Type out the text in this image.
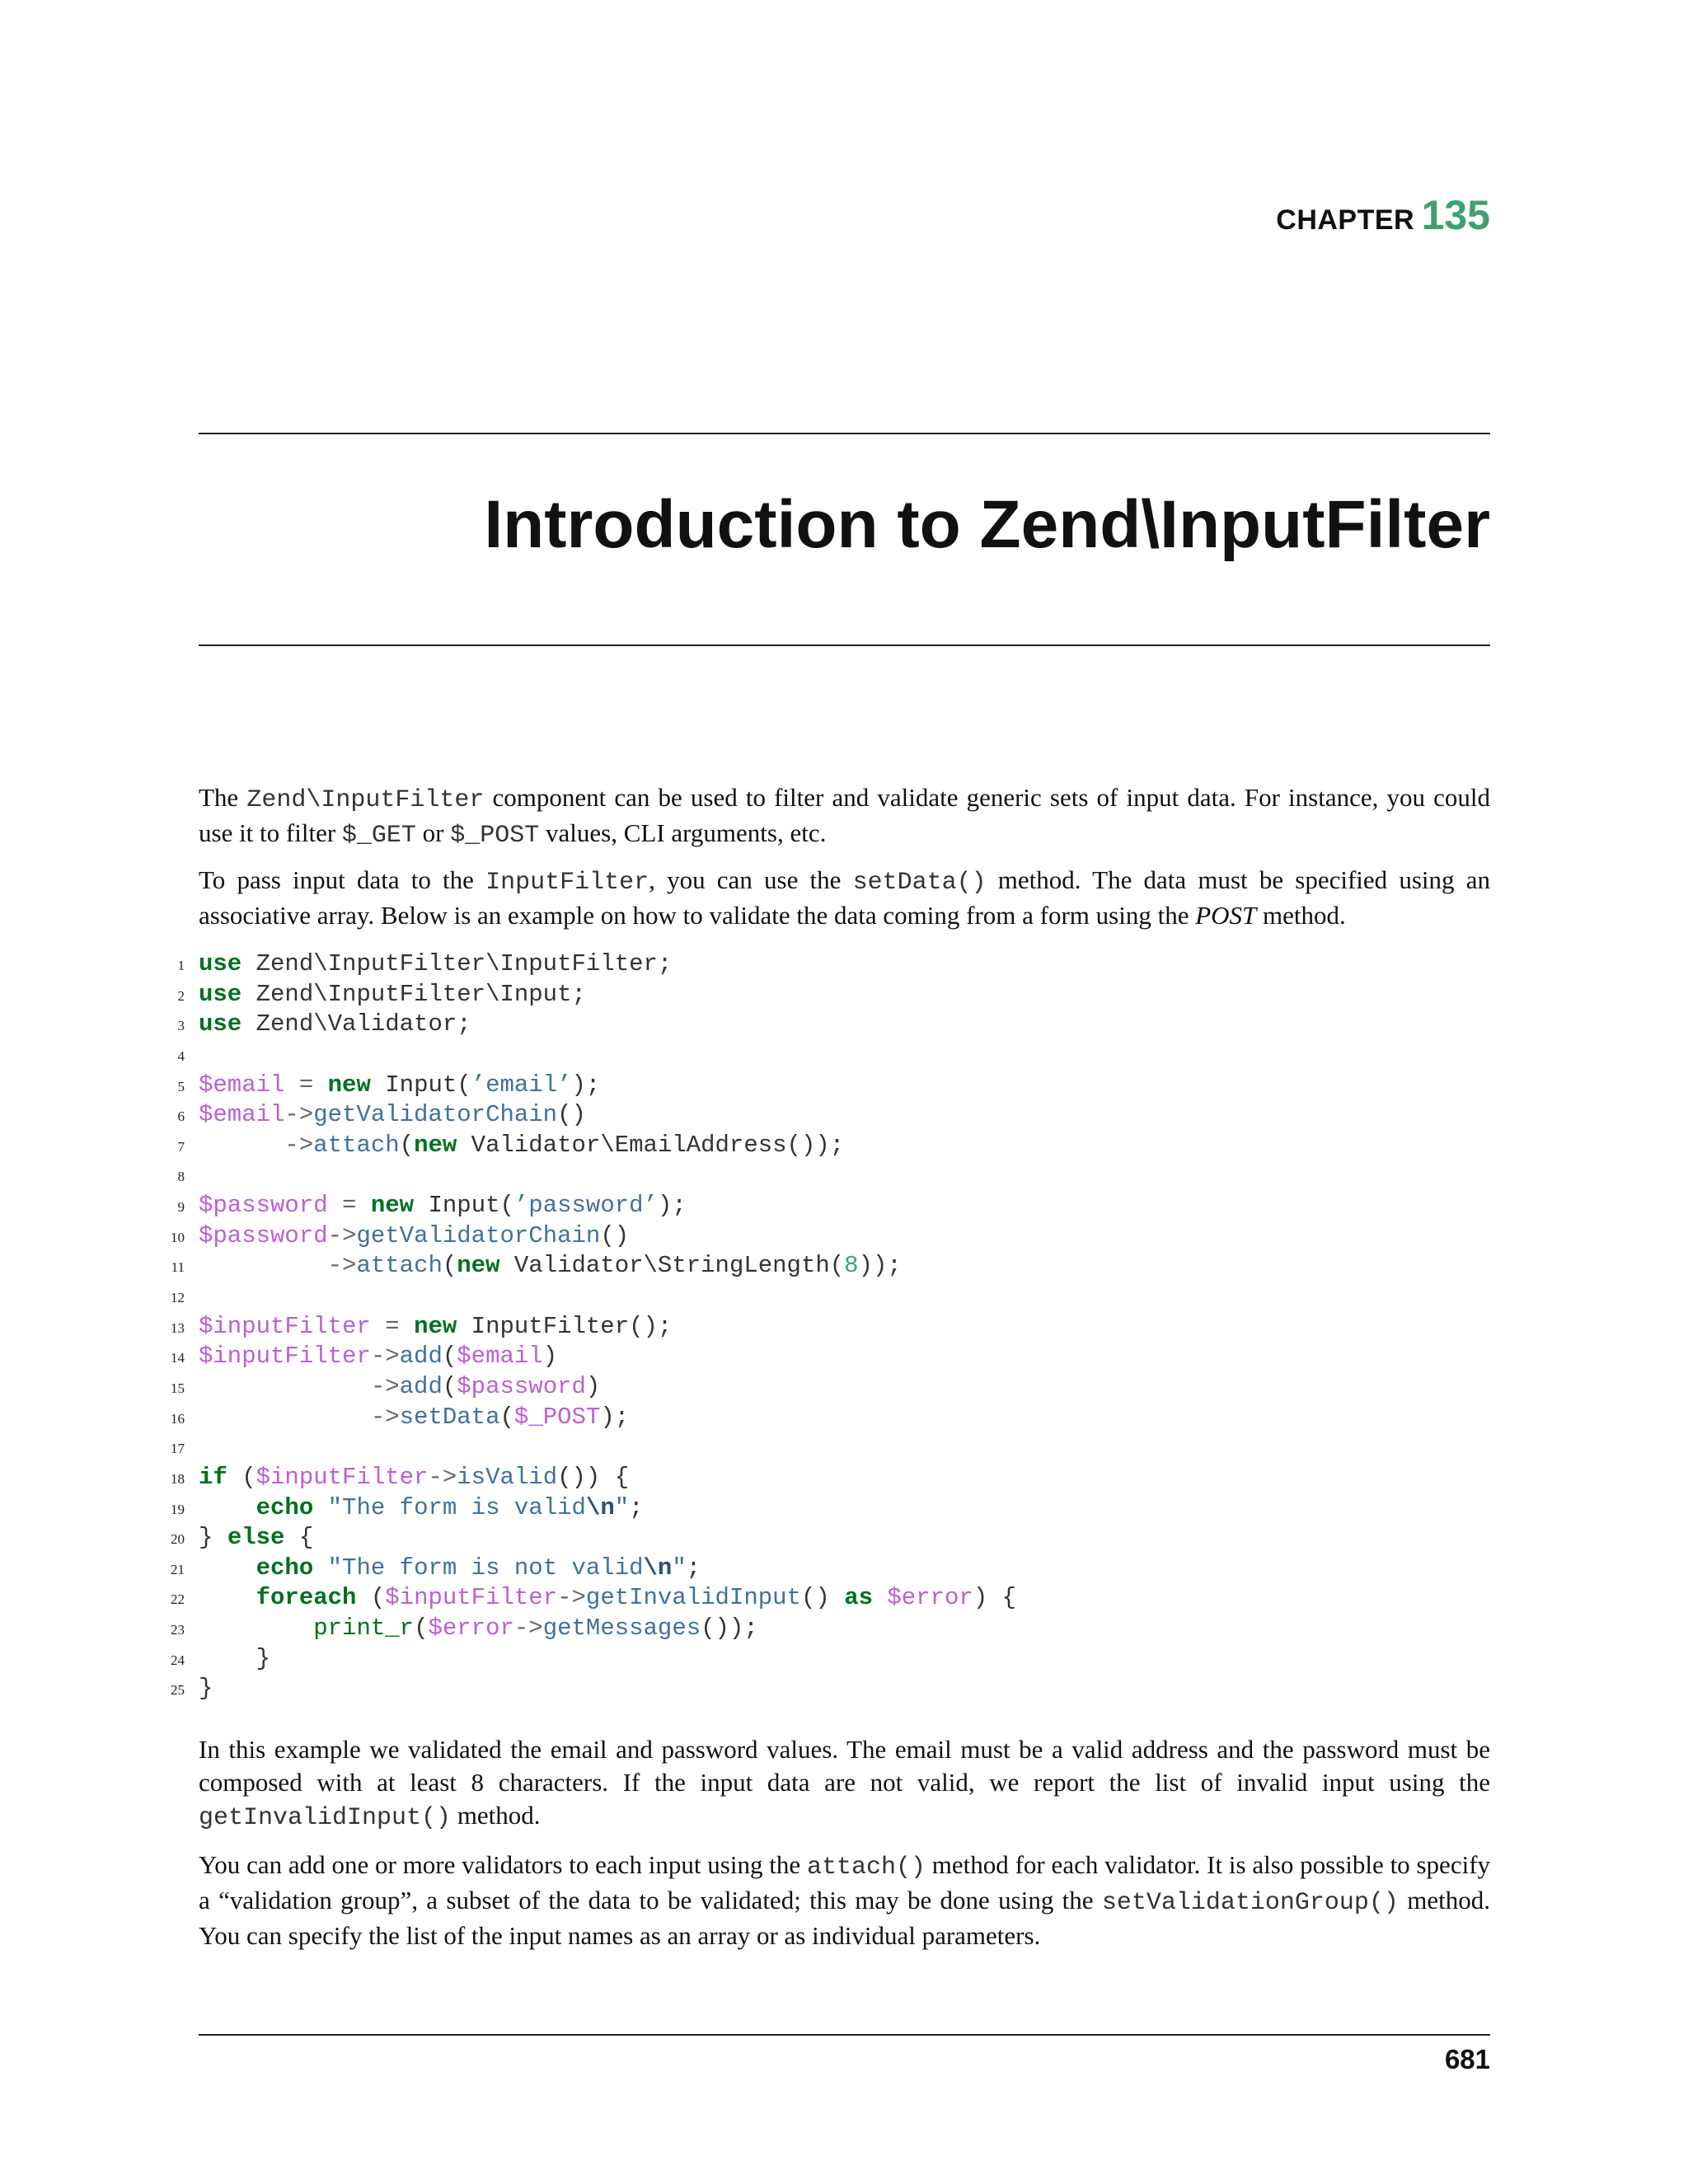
CHAPTER 135
Introduction to Zend\InputFilter

The Zend\InputFilter component can be used to filter and validate generic sets of input data. For instance, you could use it to filter $_GET or $_POST values, CLI arguments, etc.

To pass input data to the InputFilter, you can use the setData() method. The data must be specified using an associative array. Below is an example on how to validate the data coming from a form using the POST method.

1 use Zend\InputFilter\InputFilter;
2 use Zend\InputFilter\Input;
3 use Zend\Validator;
4
5 $email = new Input(’email’);
6 $email->getValidatorChain()
7	->attach(new Validator\EmailAddress());
8
9 $password = new Input(’password’);
10 $password->getValidatorChain()
11	->attach(new Validator\StringLength(8));
12
13 $inputFilter = new InputFilter();
14 $inputFilter->add($email)
15	->add($password)
16	->setData($_POST);
17
18 if ($inputFilter->isValid()) {
19	echo "The form is valid\n";
20 } else {
21	echo "The form is not valid\n";
22	foreach ($inputFilter->getInvalidInput() as $error) {
23	print_r($error->getMessages());
24    }
25 }

In this example we validated the email and password values. The email must be a valid address and the password must be composed with at least 8 characters. If the input data are not valid, we report the list of invalid input using the getInvalidInput() method.

You can add one or more validators to each input using the attach() method for each validator. It is also possible to specify a “validation group”, a subset of the data to be validated; this may be done using the setValidationGroup() method. You can specify the list of the input names as an array or as individual parameters.

681
